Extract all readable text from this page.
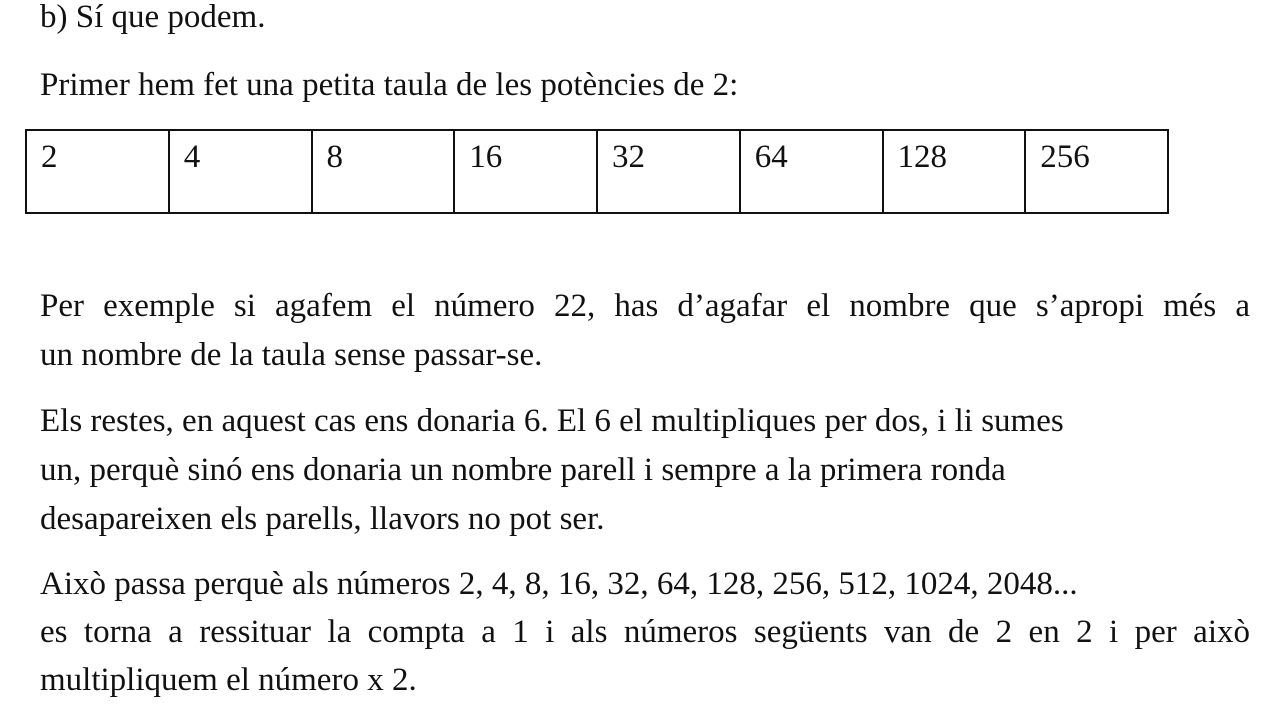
b) Sí que podem.

Primer hem fet una petita taula de les potències de 2:

2	4	8	16	32	64	128	256

Per exemple si agafem el número 22, has d’agafar el nombre que s’apropi més a

un nombre de la taula sense passar-se.

Els restes, en aquest cas ens donaria 6. El 6 el multipliques per dos, i li sumes

un, perquè sinó ens donaria un nombre parell i sempre a la primera ronda

desapareixen els parells, llavors no pot ser.

Això passa perquè als números 2, 4, 8, 16, 32, 64, 128, 256, 512, 1024, 2048...

es torna a ressituar la compta a 1 i als números següents van de 2 en 2 i per això

multipliquem el número x 2.
